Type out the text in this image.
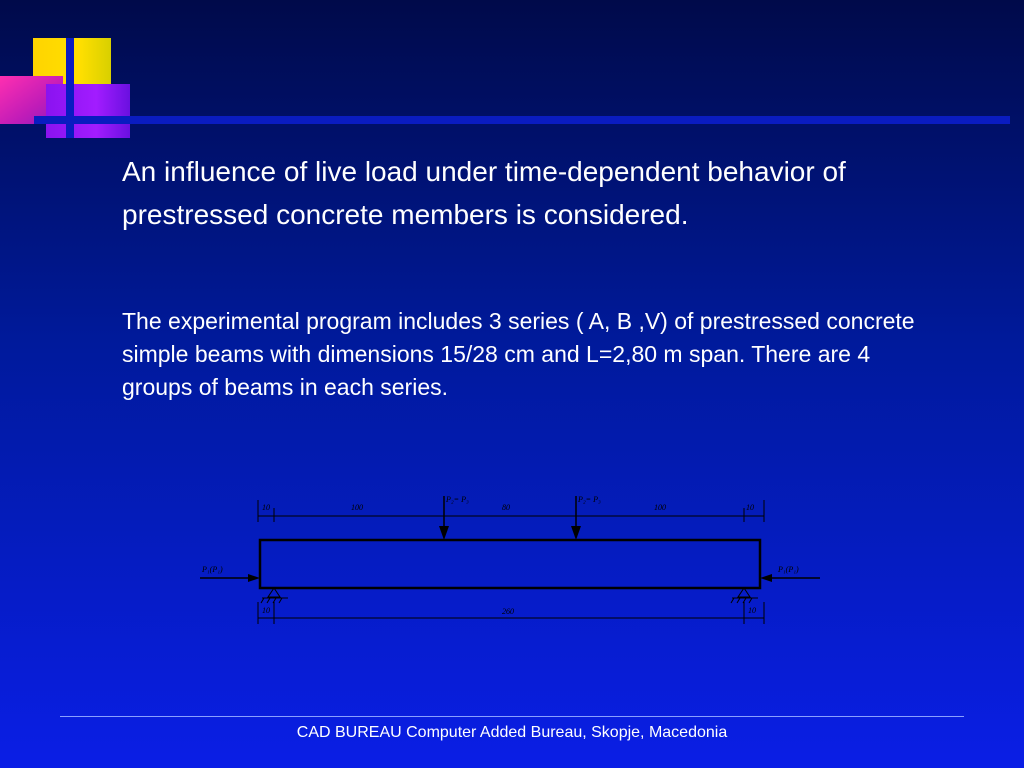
An influence of live load under time-dependent behavior of prestressed concrete members is considered.

The experimental program includes 3 series ( A, B ,V) of prestressed concrete simple beams with dimensions 15/28 cm and L=2,80 m span. There are 4 groups of beams in each series.

10	100	80	100	10
P₂= P₃	P₂= P₃
P₁(P₁)	P₁(P₁)
10	260	10
CAD BUREAU Computer Added Bureau, Skopje, Macedonia
